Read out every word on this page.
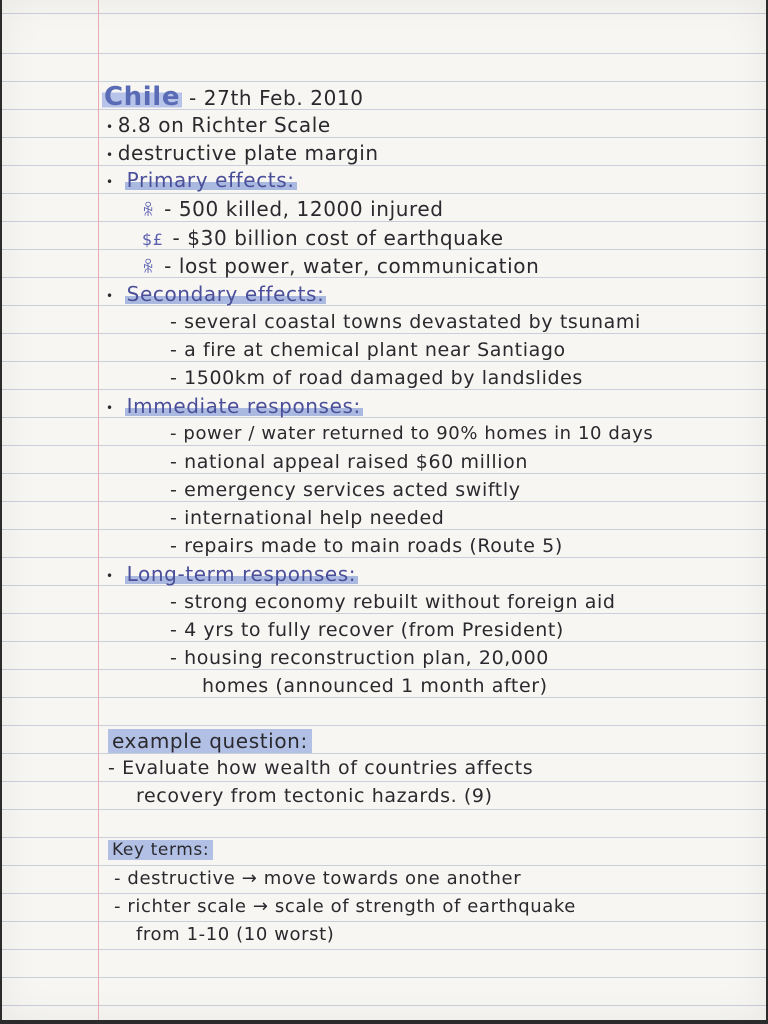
Chile - 27th Feb. 2010
• 8.8 on Richter Scale
• destructive plate margin
• Primary effects:
ꆜ - 500 killed, 12000 injured
$£ - $30 billion cost of earthquake
ꆜ - lost power, water, communication
• Secondary effects:
- several coastal towns devastated by tsunami
- a fire at chemical plant near Santiago
- 1500km of road damaged by landslides
• Immediate responses:
- power / water returned to 90% homes in 10 days
- national appeal raised $60 million
- emergency services acted swiftly
- international help needed
- repairs made to main roads (Route 5)
• Long-term responses:
- strong economy rebuilt without foreign aid
- 4 yrs to fully recover (from President)
- housing reconstruction plan, 20,000
homes (announced 1 month after)
example question:
- Evaluate how wealth of countries affects
recovery from tectonic hazards. (9)
Key terms:
- destructive → move towards one another
- richter scale → scale of strength of earthquake
from 1-10 (10 worst)
